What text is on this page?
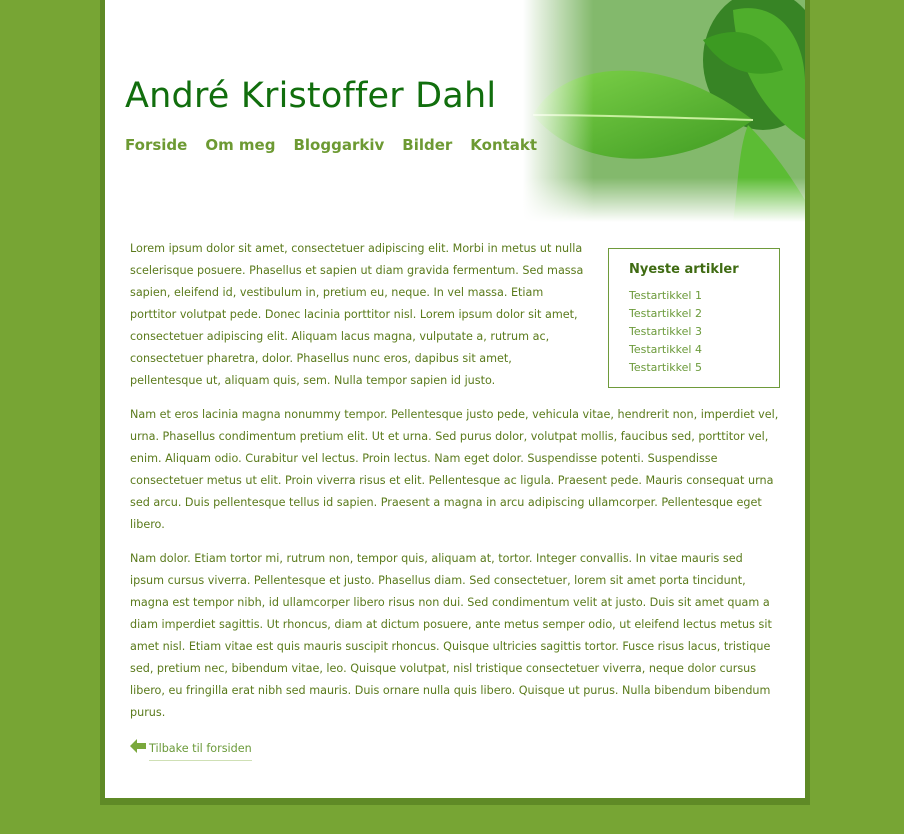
André Kristoffer Dahl
Forside Om meg Bloggarkiv Bilder Kontakt
Nyeste artikler
Testartikkel 1
Testartikkel 2
Testartikkel 3
Testartikkel 4
Testartikkel 5

Lorem ipsum dolor sit amet, consectetuer adipiscing elit. Morbi in metus ut nulla scelerisque posuere. Phasellus et sapien ut diam gravida fermentum. Sed massa sapien, eleifend id, vestibulum in, pretium eu, neque. In vel massa. Etiam porttitor volutpat pede. Donec lacinia porttitor nisl. Lorem ipsum dolor sit amet, consectetuer adipiscing elit. Aliquam lacus magna, vulputate a, rutrum ac, consectetuer pharetra, dolor. Phasellus nunc eros, dapibus sit amet, pellentesque ut, aliquam quis, sem. Nulla tempor sapien id justo.

Nam et eros lacinia magna nonummy tempor. Pellentesque justo pede, vehicula vitae, hendrerit non, imperdiet vel, urna. Phasellus condimentum pretium elit. Ut et urna. Sed purus dolor, volutpat mollis, faucibus sed, porttitor vel, enim. Aliquam odio. Curabitur vel lectus. Proin lectus. Nam eget dolor. Suspendisse potenti. Suspendisse consectetuer metus ut elit. Proin viverra risus et elit. Pellentesque ac ligula. Praesent pede. Mauris consequat urna sed arcu. Duis pellentesque tellus id sapien. Praesent a magna in arcu adipiscing ullamcorper. Pellentesque eget libero.

Nam dolor. Etiam tortor mi, rutrum non, tempor quis, aliquam at, tortor. Integer convallis. In vitae mauris sed ipsum cursus viverra. Pellentesque et justo. Phasellus diam. Sed consectetuer, lorem sit amet porta tincidunt, magna est tempor nibh, id ullamcorper libero risus non dui. Sed condimentum velit at justo. Duis sit amet quam a diam imperdiet sagittis. Ut rhoncus, diam at dictum posuere, ante metus semper odio, ut eleifend lectus metus sit amet nisl. Etiam vitae est quis mauris suscipit rhoncus. Quisque ultricies sagittis tortor. Fusce risus lacus, tristique sed, pretium nec, bibendum vitae, leo. Quisque volutpat, nisl tristique consectetuer viverra, neque dolor cursus libero, eu fringilla erat nibh sed mauris. Duis ornare nulla quis libero. Quisque ut purus. Nulla bibendum bibendum purus.

Tilbake til forsiden
